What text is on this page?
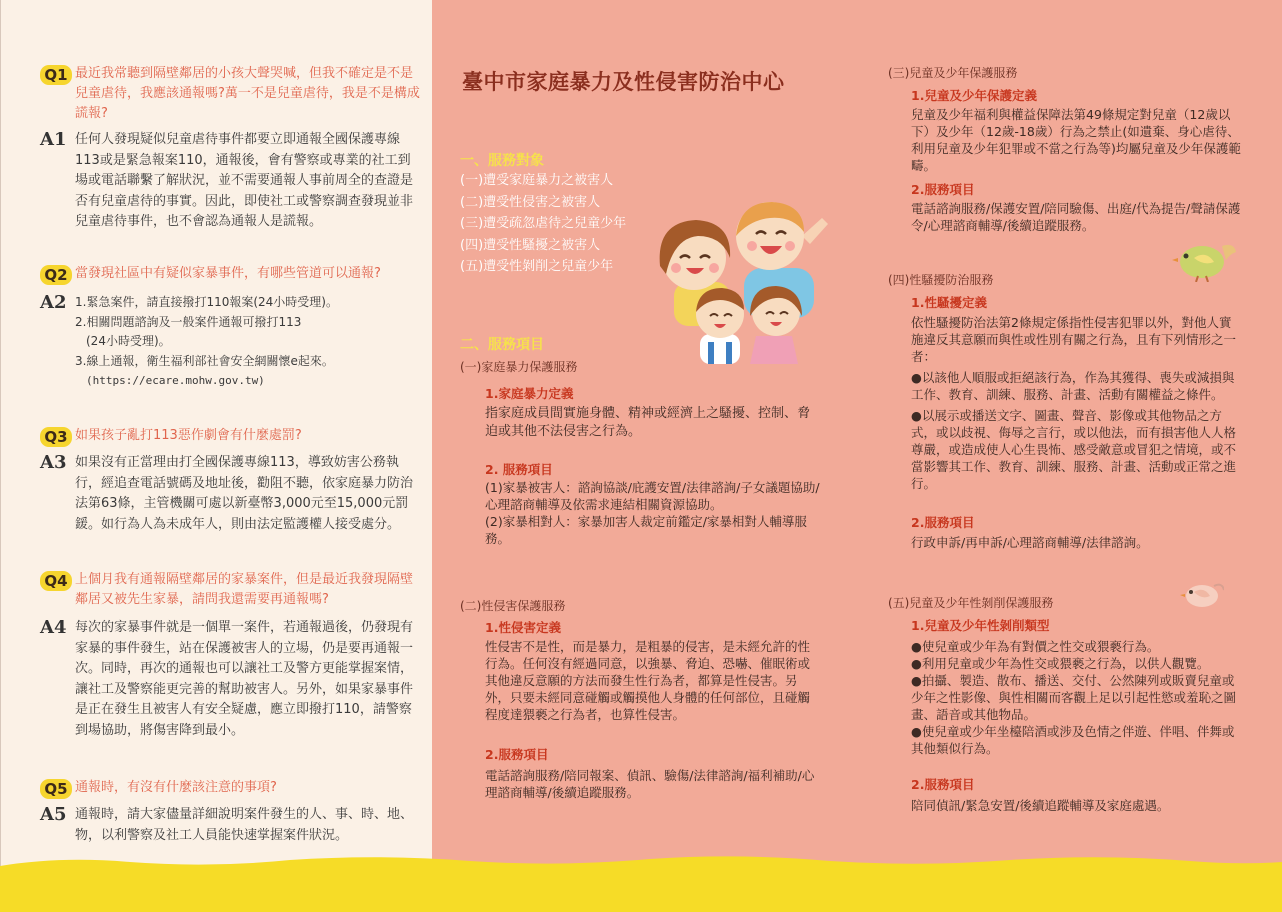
Q1 最近我常聽到隔壁鄰居的小孩大聲哭喊，但我不確定是不是兒童虐待，我應該通報嗎?萬一不是兒童虐待，我是不是構成謊報?
A1 任何人發現疑似兒童虐待事件都要立即通報全國保護專線113或是緊急報案110，通報後，會有警察或專業的社工到場或電話聯繫了解狀況，並不需要通報人事前周全的查證是否有兒童虐待的事實。因此，即使社工或警察調查發現並非兒童虐待事件，也不會認為通報人是謊報。
Q2 當發現社區中有疑似家暴事件，有哪些管道可以通報?
A2 1.緊急案件，請直接撥打110報案(24小時受理)。
2.相關問題諮詢及一般案件通報可撥打113
(24小時受理)。
3.線上通報，衛生福利部社會安全網關懷e起來。
(https://ecare.mohw.gov.tw)
Q3 如果孩子亂打113惡作劇會有什麼處罰?
A3 如果沒有正當理由打全國保護專線113，導致妨害公務執行，經追查電話號碼及地址後，勸阻不聽，依家庭暴力防治法第63條，主管機關可處以新臺幣3,000元至15,000元罰鍰。如行為人為未成年人，則由法定監護權人接受處分。
Q4 上個月我有通報隔壁鄰居的家暴案件，但是最近我發現隔壁鄰居又被先生家暴，請問我還需要再通報嗎?
A4 每次的家暴事件就是一個單一案件，若通報過後，仍發現有家暴的事件發生，站在保護被害人的立場，仍是要再通報一次。同時，再次的通報也可以讓社工及警方更能掌握案情，讓社工及警察能更完善的幫助被害人。另外，如果家暴事件是正在發生且被害人有安全疑慮，應立即撥打110，請警察到場協助，將傷害降到最小。
Q5 通報時，有沒有什麼該注意的事項?
A5 通報時，請大家儘量詳細說明案件發生的人、事、時、地、物，以利警察及社工人員能快速掌握案件狀況。
臺中市家庭暴力及性侵害防治中心
一、服務對象
(一)遭受家庭暴力之被害人
(二)遭受性侵害之被害人
(三)遭受疏忽虐待之兒童少年
(四)遭受性騷擾之被害人
(五)遭受性剝削之兒童少年
二、服務項目
(一)家庭暴力保護服務
1.家庭暴力定義
指家庭成員間實施身體、精神或經濟上之騷擾、控制、脅迫或其他不法侵害之行為。
2. 服務項目
(1)家暴被害人：諮詢協談/庇護安置/法律諮詢/子女議題協助/心理諮商輔導及依需求連結相關資源協助。
(2)家暴相對人：家暴加害人裁定前鑑定/家暴相對人輔導服務。
(二)性侵害保護服務
1.性侵害定義
性侵害不是性，而是暴力，是粗暴的侵害，是未經允許的性行為。任何沒有經過同意，以強暴、脅迫、恐嚇、催眠術或其他違反意願的方法而發生性行為者，都算是性侵害。另外，只要未經同意碰觸或觸摸他人身體的任何部位，且碰觸程度達猥褻之行為者，也算性侵害。
2.服務項目
電話諮詢服務/陪同報案、偵訊、驗傷/法律諮詢/福利補助/心理諮商輔導/後續追蹤服務。
(三)兒童及少年保護服務
1.兒童及少年保護定義
兒童及少年福利與權益保障法第49條規定對兒童（12歲以下）及少年（12歲-18歲）行為之禁止(如遺棄、身心虐待、利用兒童及少年犯罪或不當之行為等)均屬兒童及少年保護範疇。
2.服務項目
電話諮詢服務/保護安置/陪同驗傷、出庭/代為提告/聲請保護令/心理諮商輔導/後續追蹤服務。
(四)性騷擾防治服務
1.性騷擾定義
依性騷擾防治法第2條規定係指性侵害犯罪以外，對他人實施違反其意願而與性或性別有關之行為，且有下列情形之一者：
●以該他人順服或拒絕該行為，作為其獲得、喪失或減損與工作、教育、訓練、服務、計畫、活動有關權益之條件。
●以展示或播送文字、圖畫、聲音、影像或其他物品之方式，或以歧視、侮辱之言行，或以他法，而有損害他人人格尊嚴，或造成使人心生畏怖、感受敵意或冒犯之情境，或不當影響其工作、教育、訓練、服務、計畫、活動或正常之進行。
2.服務項目
行政申訴/再申訴/心理諮商輔導/法律諮詢。
(五)兒童及少年性剝削保護服務
1.兒童及少年性剝削類型
●使兒童或少年為有對價之性交或猥褻行為。
●利用兒童或少年為性交或猥褻之行為，以供人觀覽。
●拍攝、製造、散布、播送、交付、公然陳列或販賣兒童或少年之性影像、與性相關而客觀上足以引起性慾或羞恥之圖畫、語音或其他物品。
●使兒童或少年坐檯陪酒或涉及色情之伴遊、伴唱、伴舞或其他類似行為。
2.服務項目
陪同偵訊/緊急安置/後續追蹤輔導及家庭處遇。
